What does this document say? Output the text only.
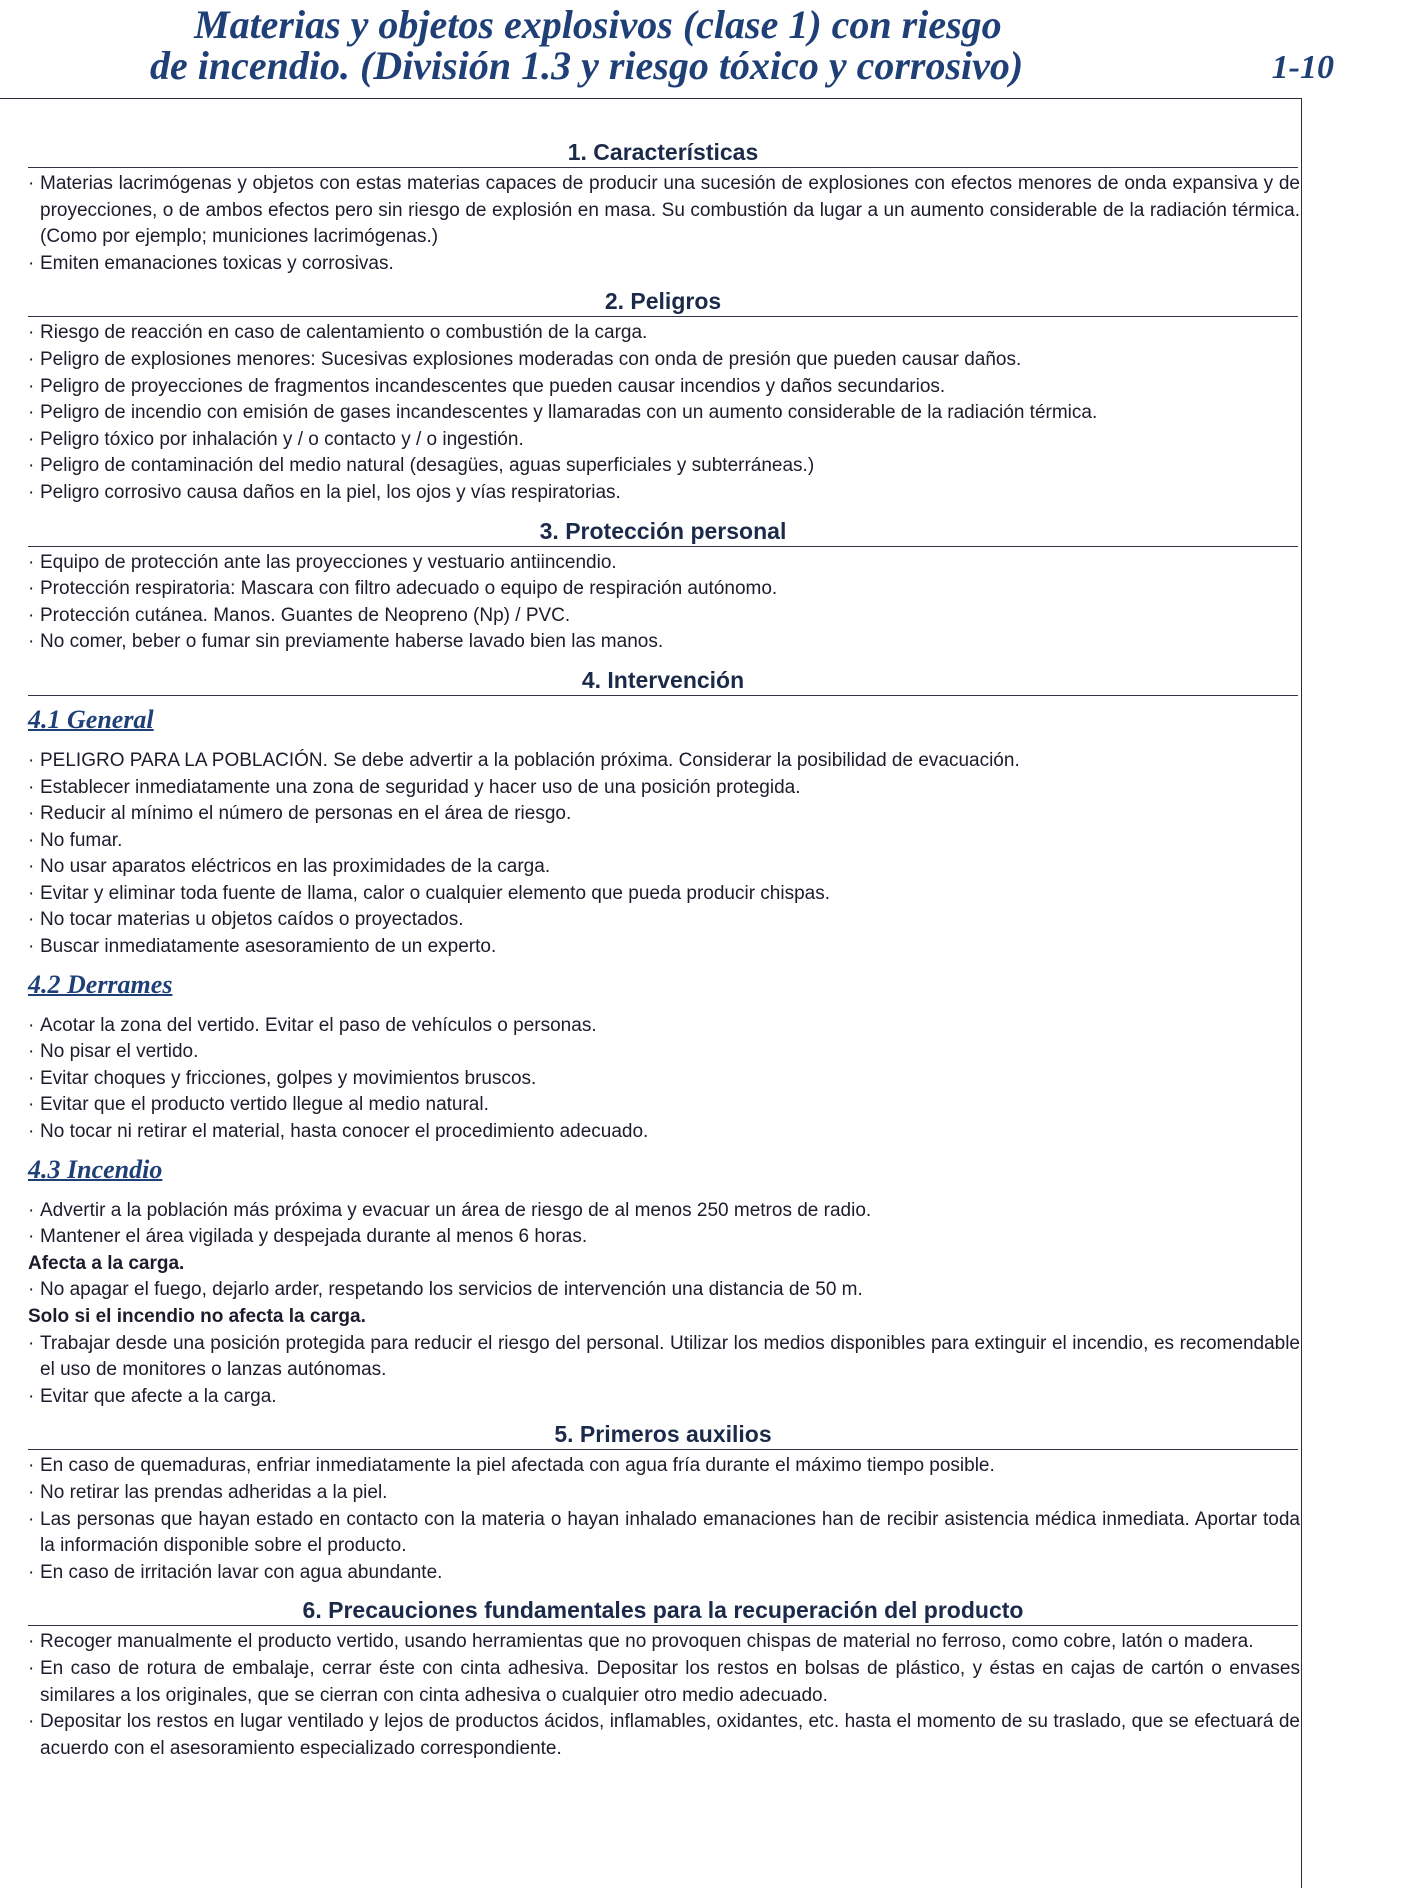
Materias y objetos explosivos (clase 1) con riesgo
de incendio. (División 1.3 y riesgo tóxico y corrosivo)	1-10
1. Características
· Materias lacrimógenas y objetos con estas materias capaces de producir una sucesión de explosiones con efectos menores de onda expansiva y de proyecciones, o de ambos efectos pero sin riesgo de explosión en masa. Su combustión da lugar a un aumento considerable de la radiación térmica. (Como por ejemplo; municiones lacrimógenas.)
· Emiten emanaciones toxicas y corrosivas.
2. Peligros
· Riesgo de reacción en caso de calentamiento o combustión de la carga.
· Peligro de explosiones menores: Sucesivas explosiones moderadas con onda de presión que pueden causar daños.
· Peligro de proyecciones de fragmentos incandescentes que pueden causar incendios y daños secundarios.
· Peligro de incendio con emisión de gases incandescentes y llamaradas con un aumento considerable de la radiación térmica.
· Peligro tóxico por inhalación y / o contacto y / o ingestión.
· Peligro de contaminación del medio natural (desagües, aguas superficiales y subterráneas.)
· Peligro corrosivo causa daños en la piel, los ojos y vías respiratorias.
3. Protección personal
· Equipo de protección ante las proyecciones y vestuario antiincendio.
· Protección respiratoria: Mascara con filtro adecuado o equipo de respiración autónomo.
· Protección cutánea. Manos. Guantes de Neopreno (Np) / PVC.
· No comer, beber o fumar sin previamente haberse lavado bien las manos.
4. Intervención
4.1 General
· PELIGRO PARA LA POBLACIÓN. Se debe advertir a la población próxima. Considerar la posibilidad de evacuación.
· Establecer inmediatamente una zona de seguridad y hacer uso de una posición protegida.
· Reducir al mínimo el número de personas en el área de riesgo.
· No fumar.
· No usar aparatos eléctricos en las proximidades de la carga.
· Evitar y eliminar toda fuente de llama, calor o cualquier elemento que pueda producir chispas.
· No tocar materias u objetos caídos o proyectados.
· Buscar inmediatamente asesoramiento de un experto.
4.2 Derrames
· Acotar la zona del vertido. Evitar el paso de vehículos o personas.
· No pisar el vertido.
· Evitar choques y fricciones, golpes y movimientos bruscos.
· Evitar que el producto vertido llegue al medio natural.
· No tocar ni retirar el material, hasta conocer el procedimiento adecuado.
4.3 Incendio
· Advertir a la población más próxima y evacuar un área de riesgo de al menos 250 metros de radio.
· Mantener el área vigilada y despejada durante al menos 6 horas.
Afecta a la carga.
· No apagar el fuego, dejarlo arder, respetando los servicios de intervención una distancia de 50 m.
Solo si el incendio no afecta la carga.
· Trabajar desde una posición protegida para reducir el riesgo del personal. Utilizar los medios disponibles para extinguir el incendio, es recomendable el uso de monitores o lanzas autónomas.
· Evitar que afecte a la carga.
5. Primeros auxilios
· En caso de quemaduras, enfriar inmediatamente la piel afectada con agua fría durante el máximo tiempo posible.
· No retirar las prendas adheridas a la piel.
· Las personas que hayan estado en contacto con la materia o hayan inhalado emanaciones han de recibir asistencia médica inmediata. Aportar toda la información disponible sobre el producto.
· En caso de irritación lavar con agua abundante.
6. Precauciones fundamentales para la recuperación del producto
· Recoger manualmente el producto vertido, usando herramientas que no provoquen chispas de material no ferroso, como cobre, latón o madera.
· En caso de rotura de embalaje, cerrar éste con cinta adhesiva. Depositar los restos en bolsas de plástico, y éstas en cajas de cartón o envases similares a los originales, que se cierran con cinta adhesiva o cualquier otro medio adecuado.
· Depositar los restos en lugar ventilado y lejos de productos ácidos, inflamables, oxidantes, etc. hasta el momento de su traslado, que se efectuará de acuerdo con el asesoramiento especializado correspondiente.
